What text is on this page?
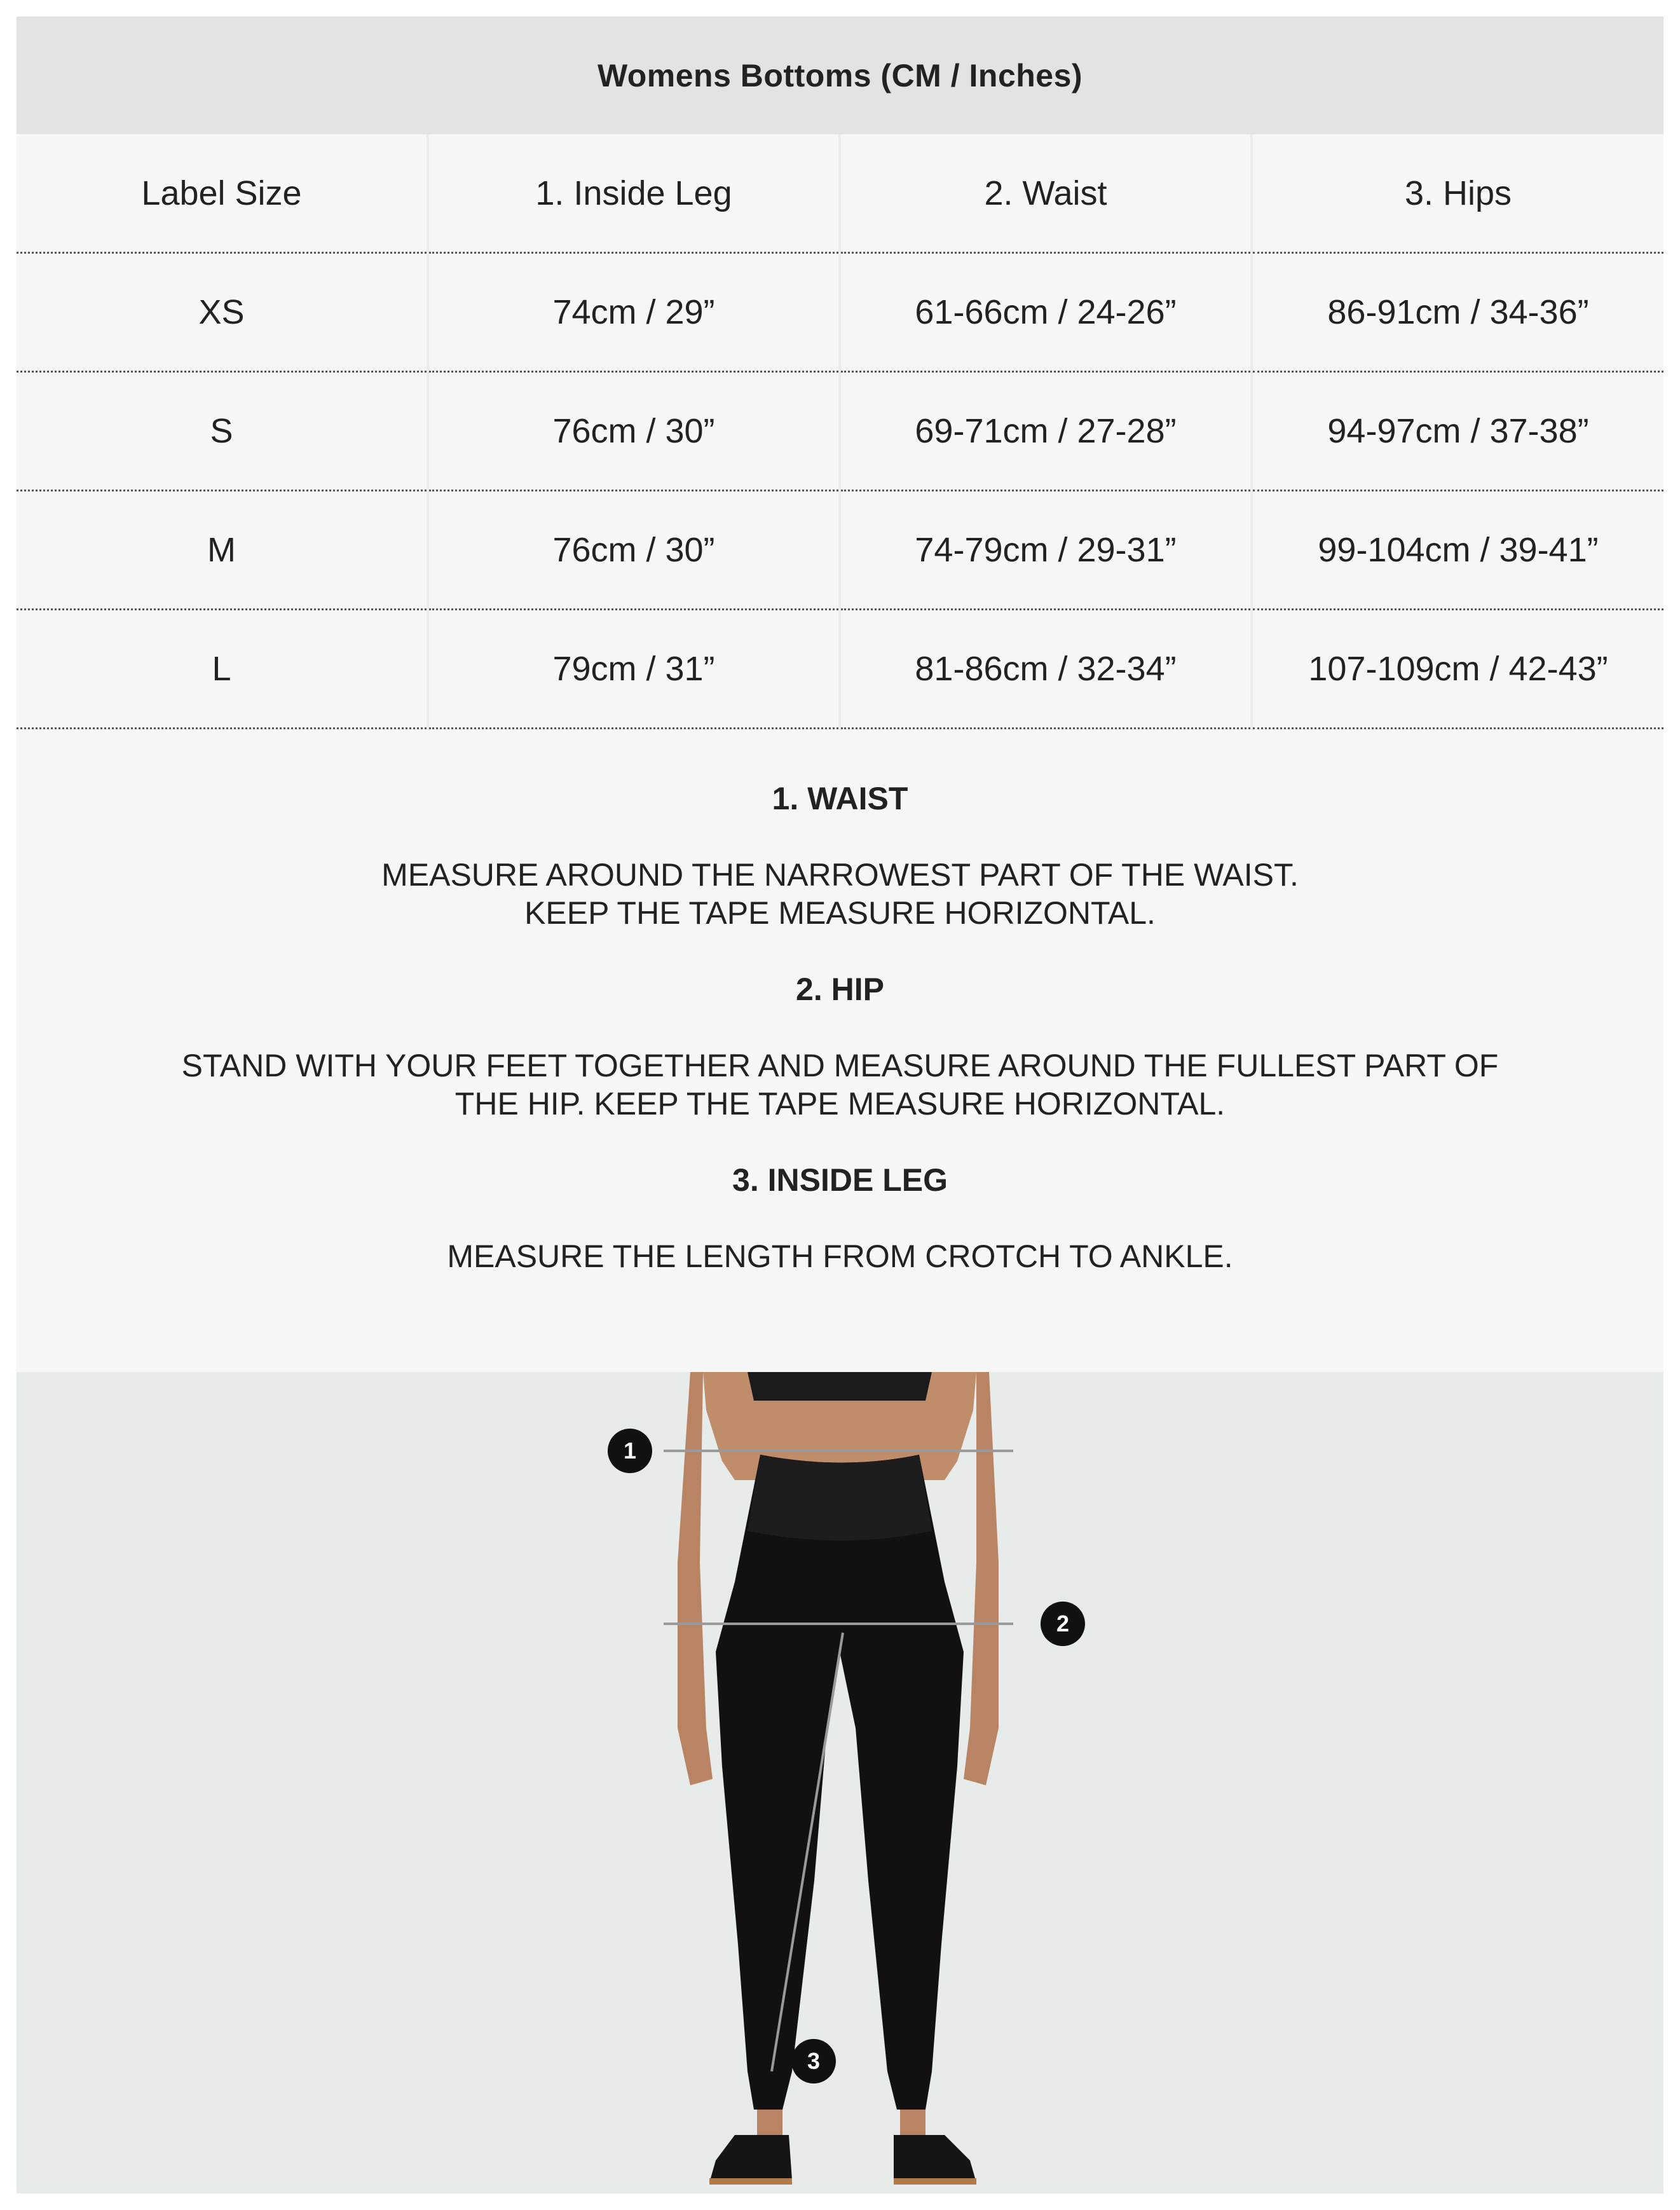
Womens Bottoms (CM / Inches)
Label Size	1. Inside Leg	2. Waist	3. Hips
XS	74cm / 29”	61-66cm / 24-26”	86-91cm / 34-36”
S	76cm / 30”	69-71cm / 27-28”	94-97cm / 37-38”
M	76cm / 30”	74-79cm / 29-31”	99-104cm / 39-41”
L	79cm / 31”	81-86cm / 32-34”	107-109cm / 42-43”

1. WAIST

MEASURE AROUND THE NARROWEST PART OF THE WAIST.
KEEP THE TAPE MEASURE HORIZONTAL.

2. HIP

STAND WITH YOUR FEET TOGETHER AND MEASURE AROUND THE FULLEST PART OF
THE HIP. KEEP THE TAPE MEASURE HORIZONTAL.

3. INSIDE LEG

MEASURE THE LENGTH FROM CROTCH TO ANKLE.

1
2
3
